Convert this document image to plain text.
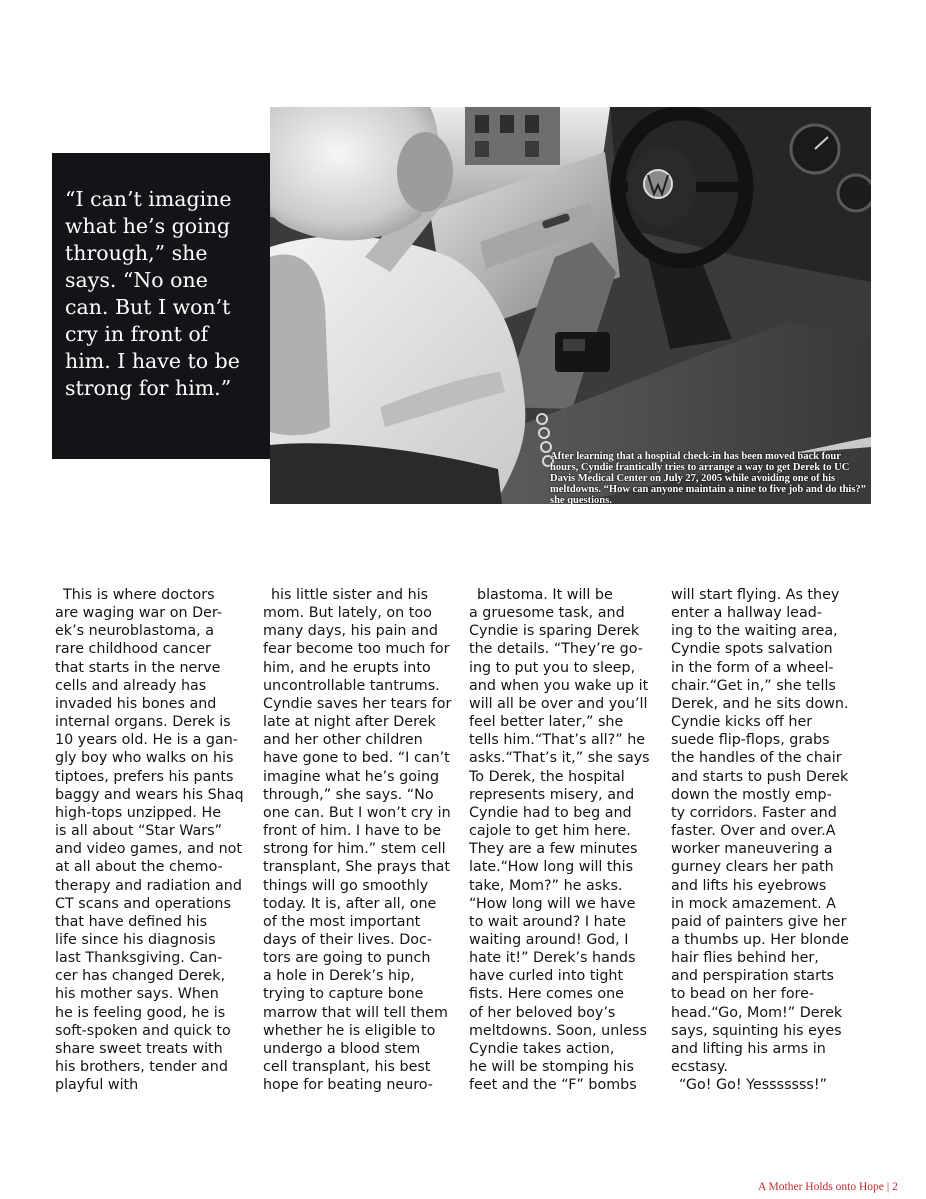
“I can’t imagine
what he’s going
through,” she
says. “No one
can. But I won’t
cry in front of
him. I have to be
strong for him.”

After learning that a hospital check-in has been moved back four
hours, Cyndie frantically tries to arrange a way to get Derek to UC
Davis Medical Center on July 27, 2005 while avoiding one of his
meltdowns. “How can anyone maintain a nine to five job and do this?”
she questions.

This is where doctors
are waging war on Der-
ek’s neuroblastoma, a
rare childhood cancer
that starts in the nerve
cells and already has
invaded his bones and
internal organs. Derek is
10 years old. He is a gan-
gly boy who walks on his
tiptoes, prefers his pants
baggy and wears his Shaq
high-tops unzipped. He
is all about “Star Wars”
and video games, and not
at all about the chemo-
therapy and radiation and
CT scans and operations
that have defined his
life since his diagnosis
last Thanksgiving. Can-
cer has changed Derek,
his mother says. When
he is feeling good, he is
soft-spoken and quick to
share sweet treats with
his brothers, tender and
playful with

his little sister and his
mom. But lately, on too
many days, his pain and
fear become too much for
him, and he erupts into
uncontrollable tantrums.
Cyndie saves her tears for
late at night after Derek
and her other children
have gone to bed. “I can’t
imagine what he’s going
through,” she says. “No
one can. But I won’t cry in
front of him. I have to be
strong for him.” stem cell
transplant, She prays that
things will go smoothly
today. It is, after all, one
of the most important
days of their lives. Doc-
tors are going to punch
a hole in Derek’s hip,
trying to capture bone
marrow that will tell them
whether he is eligible to
undergo a blood stem
cell transplant, his best
hope for beating neuro-

blastoma. It will be
a gruesome task, and
Cyndie is sparing Derek
the details. “They’re go-
ing to put you to sleep,
and when you wake up it
will all be over and you’ll
feel better later,” she
tells him.“That’s all?” he
asks.“That’s it,” she says
To Derek, the hospital
represents misery, and
Cyndie had to beg and
cajole to get him here.
They are a few minutes
late.“How long will this
take, Mom?” he asks.
“How long will we have
to wait around? I hate
waiting around! God, I
hate it!” Derek’s hands
have curled into tight
fists. Here comes one
of her beloved boy’s
meltdowns. Soon, unless
Cyndie takes action,
he will be stomping his
feet and the “F” bombs

will start flying. As they
enter a hallway lead-
ing to the waiting area,
Cyndie spots salvation
in the form of a wheel-
chair.“Get in,” she tells
Derek, and he sits down.
Cyndie kicks off her
suede flip-flops, grabs
the handles of the chair
and starts to push Derek
down the mostly emp-
ty corridors. Faster and
faster. Over and over.A
worker maneuvering a
gurney clears her path
and lifts his eyebrows
in mock amazement. A
paid of painters give her
a thumbs up. Her blonde
hair flies behind her,
and perspiration starts
to bead on her fore-
head.“Go, Mom!” Derek
says, squinting his eyes
and lifting his arms in
ecstasy.

“Go! Go! Yesssssss!”

A Mother Holds onto Hope | 2
